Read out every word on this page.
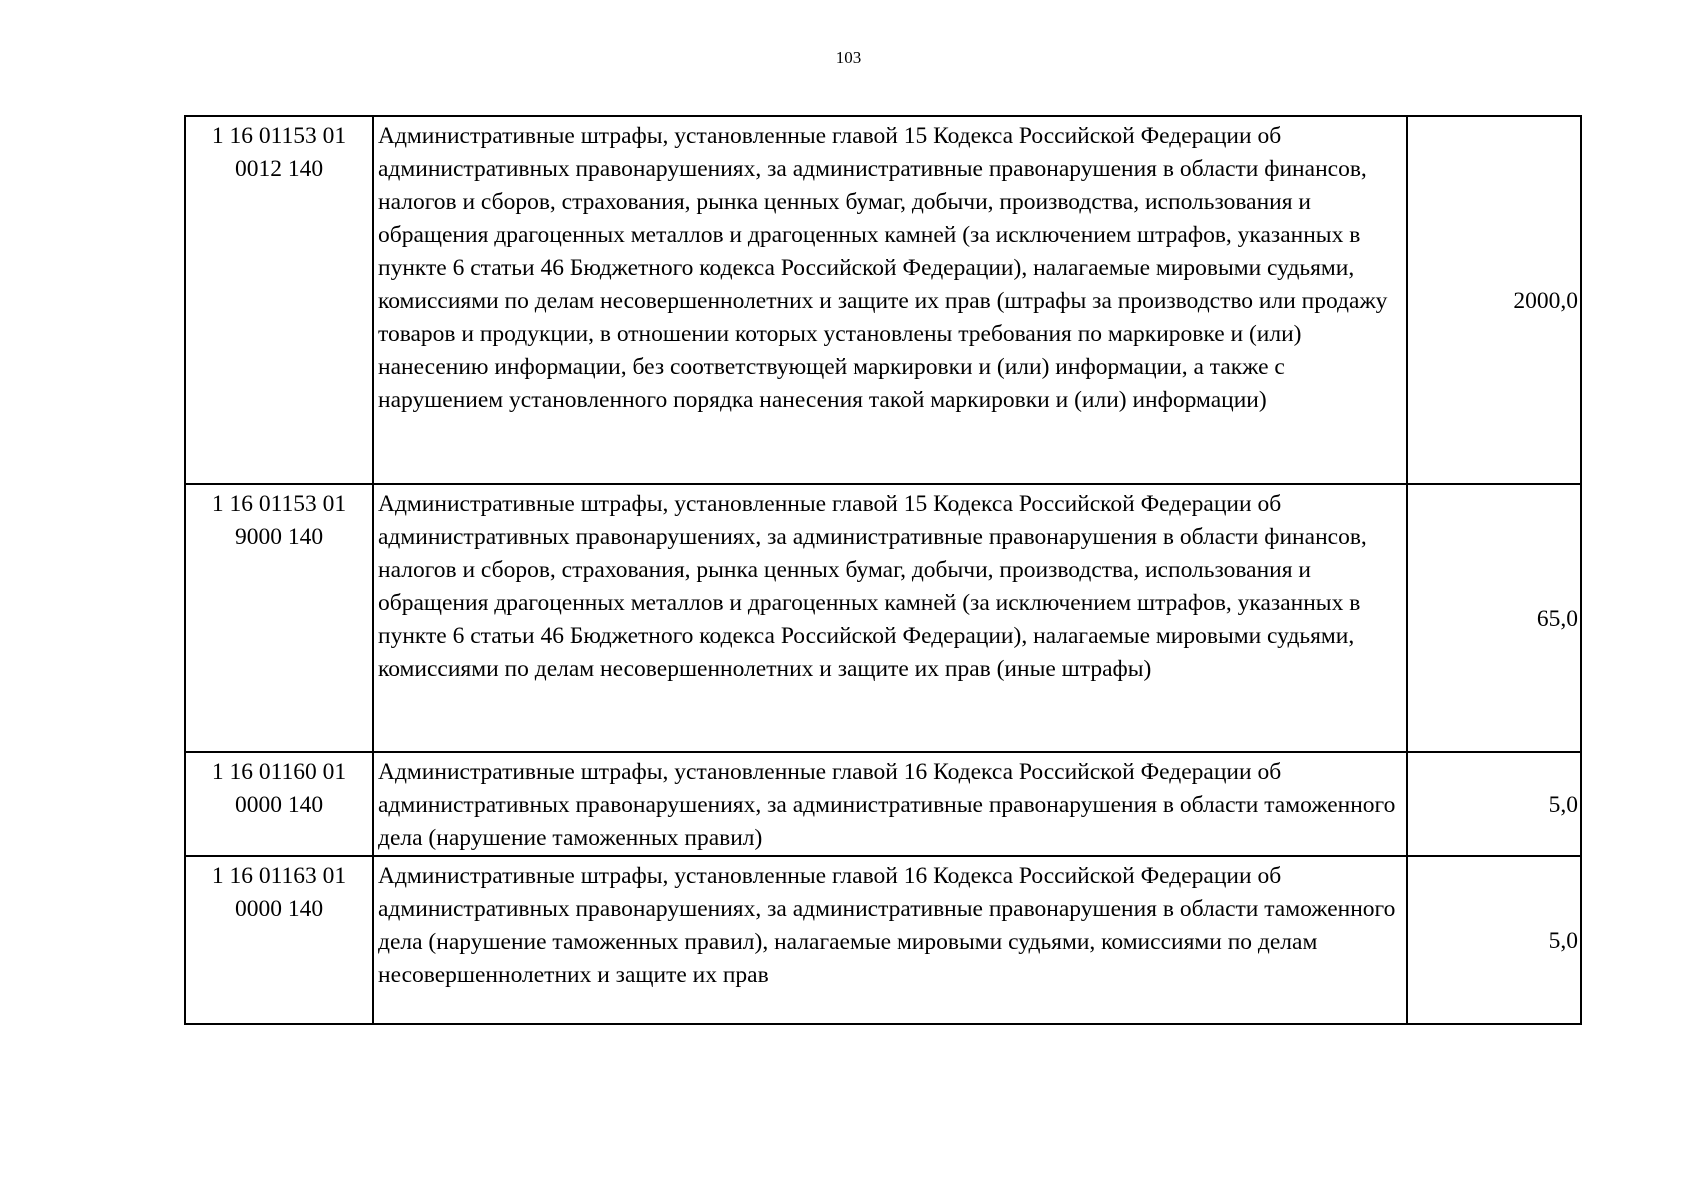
103
1 16 01153 01
0012 140	Административные штрафы, установленные главой 15 Кодекса Российской Федерации об административных правонарушениях, за административные правонарушения в области финансов, налогов и сборов, страхования, рынка ценных бумаг, добычи, производства, использования и обращения драгоценных металлов и драгоценных камней (за исключением штрафов, указанных в пункте 6 статьи 46 Бюджетного кодекса Российской Федерации), налагаемые мировыми судьями, комиссиями по делам несовершеннолетних и защите их прав (штрафы за производство или продажу товаров и продукции, в отношении которых установлены требования по маркировке и (или) нанесению информации, без соответствующей маркировки и (или) информации, а также с нарушением установленного порядка нанесения такой маркировки и (или) информации)	2000,0

1 16 01153 01
9000 140	Административные штрафы, установленные главой 15 Кодекса Российской Федерации об административных правонарушениях, за административные правонарушения в области финансов, налогов и сборов, страхования, рынка ценных бумаг, добычи, производства, использования и обращения драгоценных металлов и драгоценных камней (за исключением штрафов, указанных в пункте 6 статьи 46 Бюджетного кодекса Российской Федерации), налагаемые мировыми судьями, комиссиями по делам несовершеннолетних и защите их прав (иные штрафы)	65,0

1 16 01160 01
0000 140	Административные штрафы, установленные главой 16 Кодекса Российской Федерации об административных правонарушениях, за административные правонарушения в области таможенного дела (нарушение таможенных правил)	5,0

1 16 01163 01
0000 140	Административные штрафы, установленные главой 16 Кодекса Российской Федерации об административных правонарушениях, за административные правонарушения в области таможенного дела (нарушение таможенных правил), налагаемые мировыми судьями, комиссиями по делам несовершеннолетних и защите их прав	5,0
